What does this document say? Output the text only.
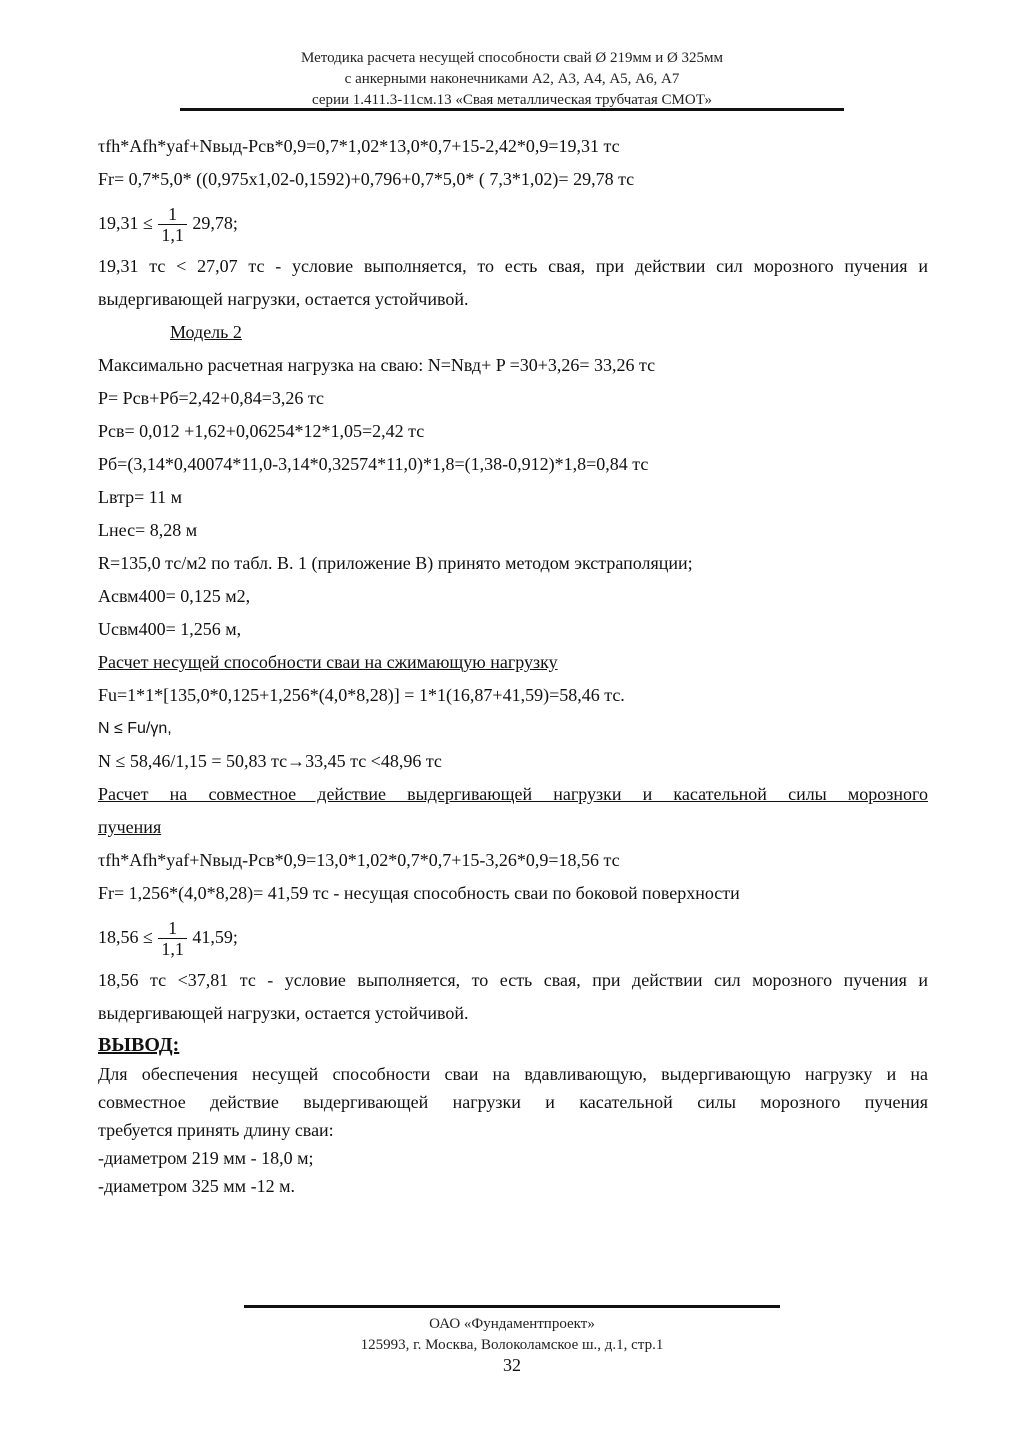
Методика расчета несущей способности свай Ø 219мм и Ø 325мм
с анкерными наконечниками А2, А3, А4, А5, А6, А7
серии 1.411.3-11см.13 «Свая металлическая трубчатая СМОТ»
τfh*Afh*yaf+Nвыд-Pсв*0,9=0,7*1,02*13,0*0,7+15-2,42*0,9=19,31 тс
Fr= 0,7*5,0* ((0,975х1,02-0,1592)+0,796+0,7*5,0* ( 7,3*1,02)= 29,78 тс
$19,31 \le \frac{1}{1,1} 29,78$;
19,31 тс < 27,07 тс - условие выполняется, то есть свая, при действии сил морозного пучения и
выдергивающей нагрузки, остается устойчивой.
Модель 2
Максимально расчетная нагрузка на сваю: N=Nвд+ P =30+3,26= 33,26 тс
P= Pсв+Pб=2,42+0,84=3,26 тс
Pсв= 0,012 +1,62+0,06254*12*1,05=2,42 тс
Pб=(3,14*0,40074*11,0-3,14*0,32574*11,0)*1,8=(1,38-0,912)*1,8=0,84 тс
Lвтр= 11 м
Lнес= 8,28 м
R=135,0 тс/м2 по табл. В. 1 (приложение В) принято методом экстраполяции;
Aсвм400= 0,125 м2,
Uсвм400= 1,256 м,
Расчет несущей способности сваи на сжимающую нагрузку
Fu=1*1*[135,0*0,125+1,256*(4,0*8,28)] = 1*1(16,87+41,59)=58,46 тс.
N ≤ Fu/γn,
N ≤ 58,46/1,15 = 50,83 тс→33,45 тс <48,96 тс
Расчет на совместное действие выдергивающей нагрузки и касательной силы морозного
пучения
τfh*Afh*yaf+Nвыд-Pсв*0,9=13,0*1,02*0,7*0,7+15-3,26*0,9=18,56 тс
Fr= 1,256*(4,0*8,28)= 41,59 тс - несущая способность сваи по боковой поверхности
$18,56 \le \frac{1}{1,1} 41,59$;
18,56 тс <37,81 тс - условие выполняется, то есть свая, при действии сил морозного пучения и
выдергивающей нагрузки, остается устойчивой.
ВЫВОД:
Для обеспечения несущей способности сваи на вдавливающую, выдергивающую нагрузку и на
совместное действие выдергивающей нагрузки и касательной силы морозного пучения
требуется принять длину сваи:
-диаметром 219 мм - 18,0 м;
-диаметром 325 мм -12 м.
ОАО «Фундаментпроект»
125993, г. Москва, Волоколамское ш., д.1, стр.1
32
